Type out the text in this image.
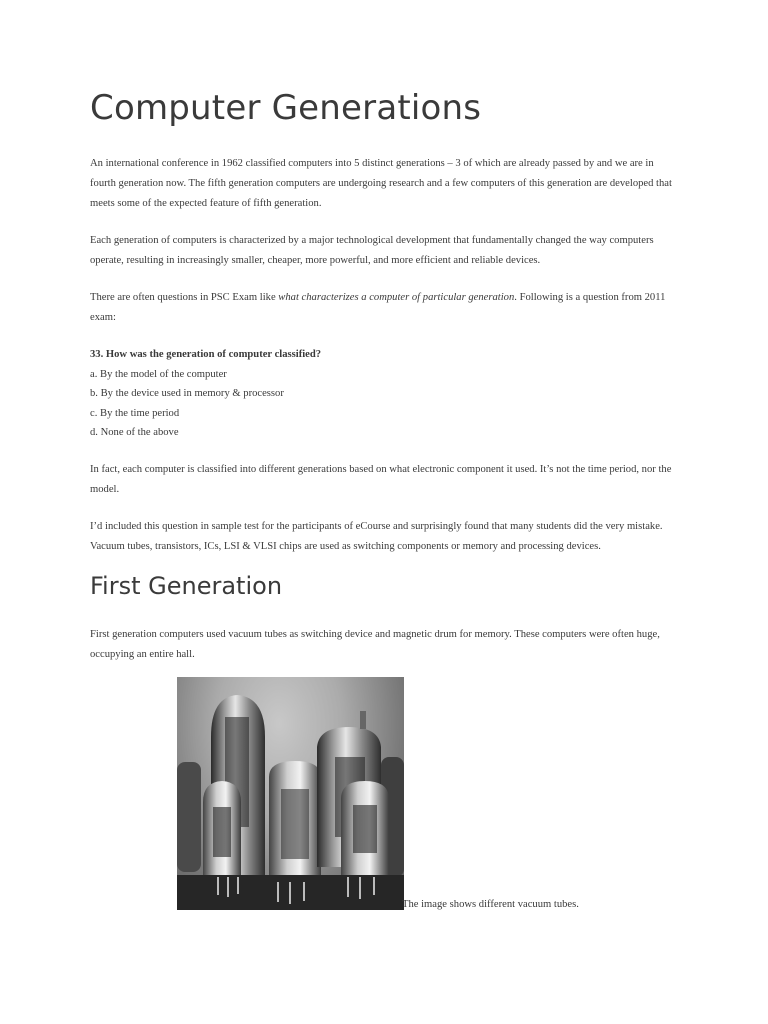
Computer Generations

An international conference in 1962 classified computers into 5 distinct generations – 3 of which are already passed by and we are in fourth generation now. The fifth generation computers are undergoing research and a few computers of this generation are developed that meets some of the expected feature of fifth generation.

Each generation of computers is characterized by a major technological development that fundamentally changed the way computers operate, resulting in increasingly smaller, cheaper, more powerful, and more efficient and reliable devices.

There are often questions in PSC Exam like what characterizes a computer of particular generation. Following is a question from 2011 exam:

33. How was the generation of computer classified?
a. By the model of the computer
b. By the device used in memory & processor
c. By the time period
d. None of the above

In fact, each computer is classified into different generations based on what electronic component it used. It’s not the time period, nor the model.

I’d included this question in sample test for the participants of eCourse and surprisingly found that many students did the very mistake. Vacuum tubes, transistors, ICs, LSI & VLSI chips are used as switching components or memory and processing devices.

First Generation

First generation computers used vacuum tubes as switching device and magnetic drum for memory. These computers were often huge, occupying an entire hall.

The image shows different vacuum tubes.
